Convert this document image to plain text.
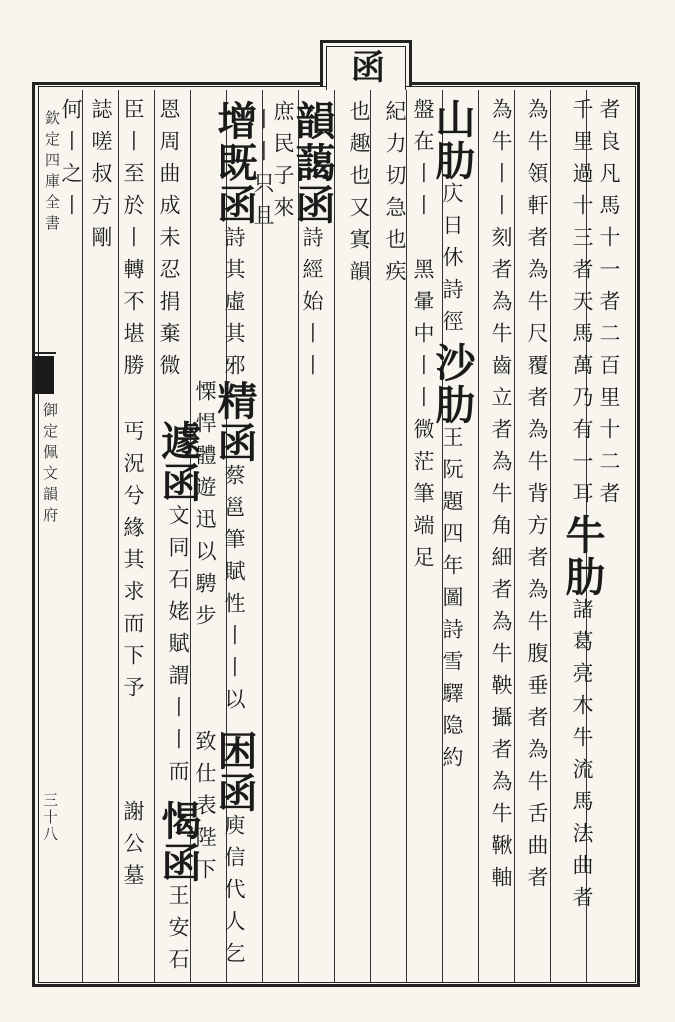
函
欽定四庫全書
御定佩文韻府
三十八
者良凡馬十一者二百里十二者
千里過十三者天馬萬乃有一耳牛肋諸葛亮木牛流馬法曲者
為牛領軒者為牛尺覆者為牛背方者為牛腹垂者為牛舌曲者
為牛丨丨刻者為牛齒立者為牛角細者為牛鞅攝者為牛鞦軸
山肋庂日休詩徑沙肋王阮題四年圖詩雪驛隐約
盤在丨丨　黑暈中丨丨微茫筆端足
紀力切急也疾
也趣也又寘韻
韻藹函詩經始丨丨
庶民子來
增既函詩其虛其邪
丨丨只且
精函蔡邕筆賦性丨丨以
慄悍體遊迅以騁步
困函庾信代人乞
致仕表陛下
恩周曲成未忍捐棄微
臣丨至於丨轉不堪勝
遽函文同石姥賦謂丨丨而
丐況兮緣其求而下予
愒函王安石
謝公墓
誌嗟叔方剛
何丨之丨
